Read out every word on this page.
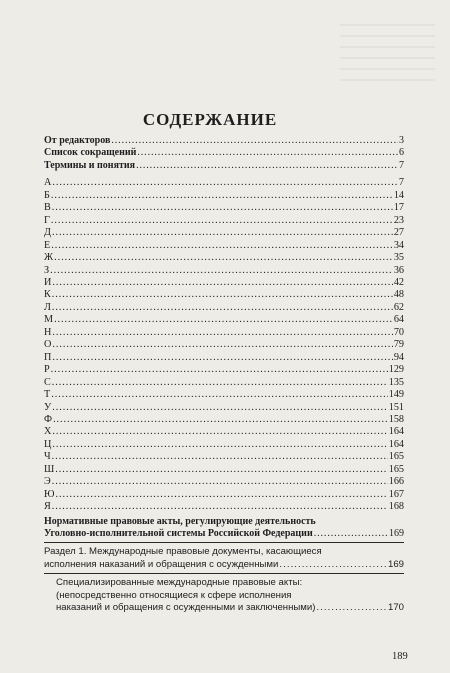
СОДЕРЖАНИЕ
От редакторов . . .	3
Список сокращений . . .	6
Термины и понятия . . .	7
А . . .	7
Б . . .	14
В . . .	17
Г . . .	23
Д . . .	27
Е . . .	34
Ж . . .	35
З . . .	36
И . . .	42
К . . .	48
Л . . .	62
М . . .	64
Н . . .	70
О . . .	79
П . . .	94
Р . . .	129
С . . .	135
Т . . .	149
У . . .	151
Ф . . .	158
Х . . .	164
Ц . . .	164
Ч . . .	165
Ш . . .	165
Э . . .	166
Ю . . .	167
Я . . .	168
Нормативные правовые акты, регулирующие деятельность
Уголовно-исполнительной системы Российской Федерации . . .	169
Раздел 1. Международные правовые документы, касающиеся
исполнения наказаний и обращения с осужденными . . .	169
Специализированные международные правовые акты:
(непосредственно относящиеся к сфере исполнения
наказаний и обращения с осужденными и заключенными) . . .	170
189
